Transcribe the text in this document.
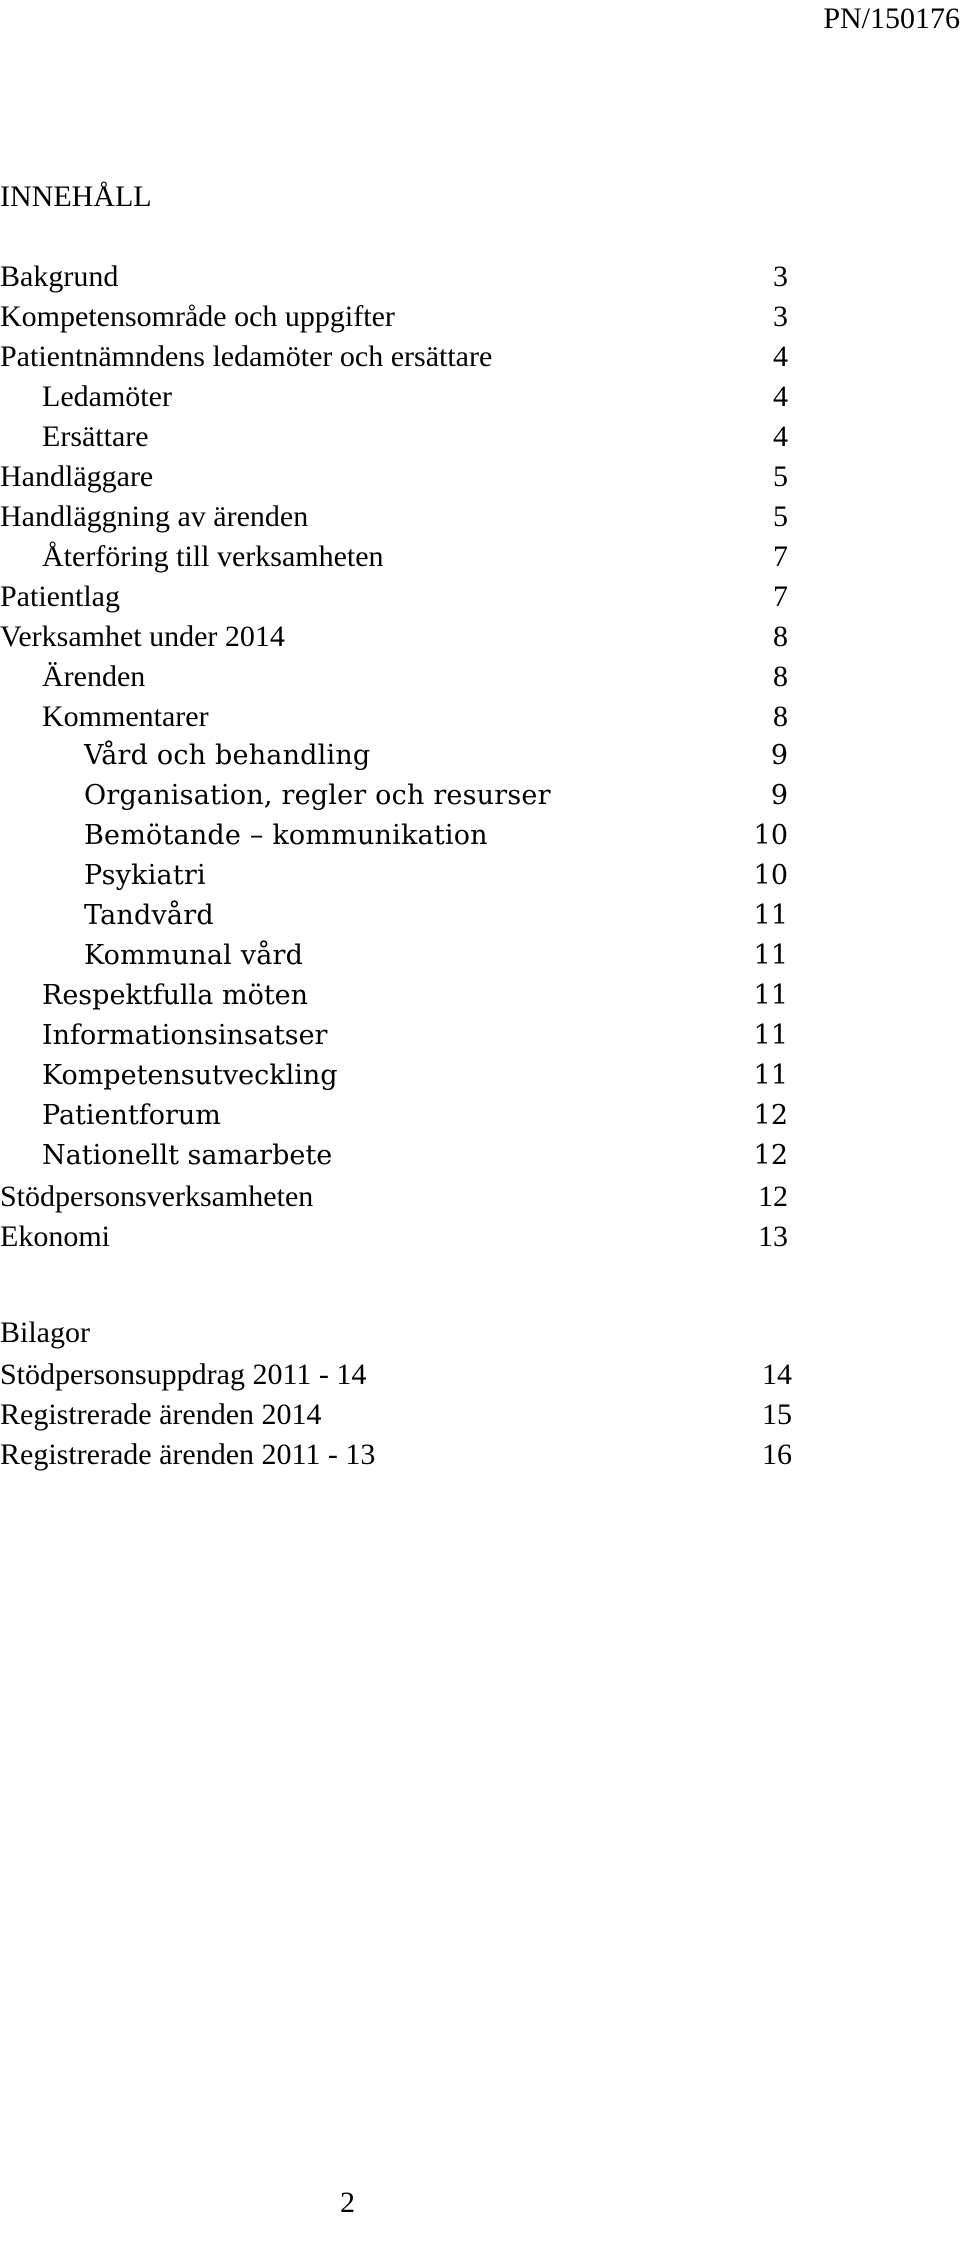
PN/150176
INNEHÅLL
Bakgrund	3
Kompetensområde och uppgifter	3
Patientnämndens ledamöter och ersättare	4
Ledamöter	4
Ersättare	4
Handläggare	5
Handläggning av ärenden	5
Återföring till verksamheten	7
Patientlag	7
Verksamhet under 2014	8
Ärenden	8
Kommentarer	8
Vård och behandling	9
Organisation, regler och resurser	9
Bemötande – kommunikation	10
Psykiatri	10
Tandvård	11
Kommunal vård	11
Respektfulla möten	11
Informationsinsatser	11
Kompetensutveckling	11
Patientforum	12
Nationellt samarbete	12
Stödpersonsverksamheten	12
Ekonomi	13
Bilagor
Stödpersonsuppdrag 2011 - 14	14
Registrerade ärenden 2014	15
Registrerade ärenden 2011 - 13	16
2
